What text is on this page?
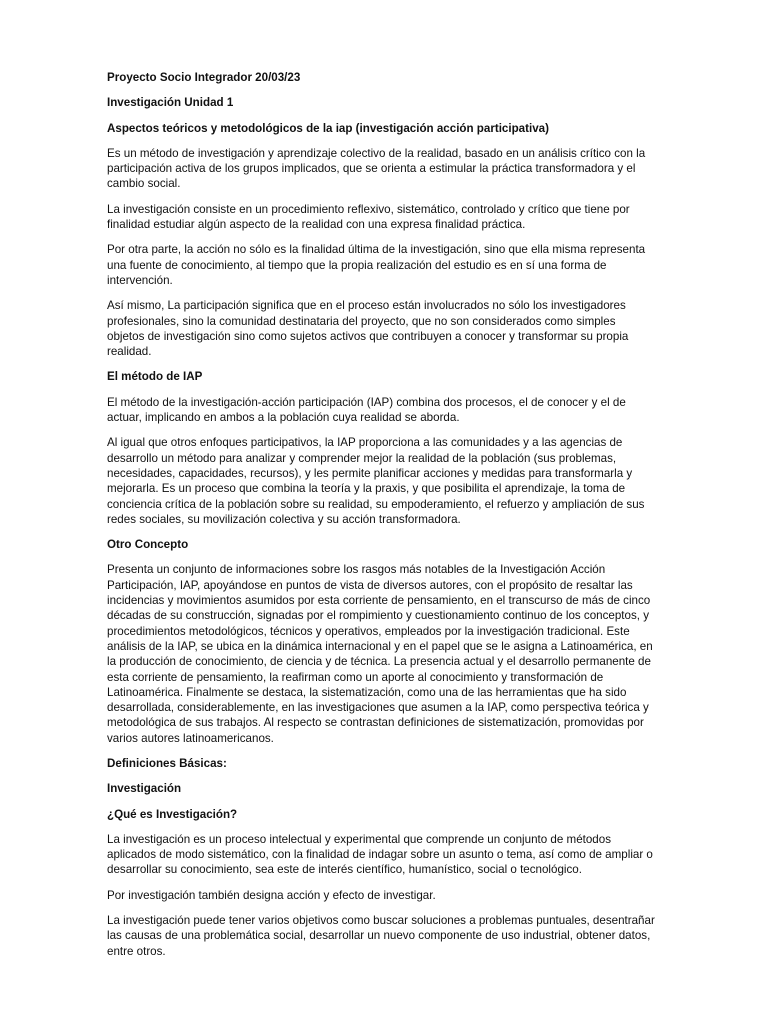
Proyecto Socio Integrador 20/03/23

Investigación Unidad 1

Aspectos teóricos y metodológicos de la iap (investigación acción participativa)

Es un método de investigación y aprendizaje colectivo de la realidad, basado en un análisis crítico con la participación activa de los grupos implicados, que se orienta a estimular la práctica transformadora y el cambio social.

La investigación consiste en un procedimiento reflexivo, sistemático, controlado y crítico que tiene por finalidad estudiar algún aspecto de la realidad con una expresa finalidad práctica.

Por otra parte, la acción no sólo es la finalidad última de la investigación, sino que ella misma representa una fuente de conocimiento, al tiempo que la propia realización del estudio es en sí una forma de intervención.

Así mismo, La participación significa que en el proceso están involucrados no sólo los investigadores profesionales, sino la comunidad destinataria del proyecto, que no son considerados como simples objetos de investigación sino como sujetos activos que contribuyen a conocer y transformar su propia realidad.

El método de IAP

El método de la investigación-acción participación (IAP) combina dos procesos, el de conocer y el de actuar, implicando en ambos a la población cuya realidad se aborda.

Al igual que otros enfoques participativos, la IAP proporciona a las comunidades y a las agencias de desarrollo un método para analizar y comprender mejor la realidad de la población (sus problemas, necesidades, capacidades, recursos), y les permite planificar acciones y medidas para transformarla y mejorarla. Es un proceso que combina la teoría y la praxis, y que posibilita el aprendizaje, la toma de conciencia crítica de la población sobre su realidad, su empoderamiento, el refuerzo y ampliación de sus redes sociales, su movilización colectiva y su acción transformadora.

Otro Concepto

Presenta un conjunto de informaciones sobre los rasgos más notables de la Investigación Acción Participación, IAP, apoyándose en puntos de vista de diversos autores, con el propósito de resaltar las incidencias y movimientos asumidos por esta corriente de pensamiento, en el transcurso de más de cinco décadas de su construcción, signadas por el rompimiento y cuestionamiento continuo de los conceptos, y procedimientos metodológicos, técnicos y operativos, empleados por la investigación tradicional. Este análisis de la IAP, se ubica en la dinámica internacional y en el papel que se le asigna a Latinoamérica, en la producción de conocimiento, de ciencia y de técnica. La presencia actual y el desarrollo permanente de esta corriente de pensamiento, la reafirman como un aporte al conocimiento y transformación de Latinoamérica. Finalmente se destaca, la sistematización, como una de las herramientas que ha sido desarrollada, considerablemente, en las investigaciones que asumen a la IAP, como perspectiva teórica y metodológica de sus trabajos. Al respecto se contrastan definiciones de sistematización, promovidas por varios autores latinoamericanos.

Definiciones Básicas:

Investigación

¿Qué es Investigación?

La investigación es un proceso intelectual y experimental que comprende un conjunto de métodos aplicados de modo sistemático, con la finalidad de indagar sobre un asunto o tema, así como de ampliar o desarrollar su conocimiento, sea este de interés científico, humanístico, social o tecnológico.

Por investigación también designa acción y efecto de investigar.

La investigación puede tener varios objetivos como buscar soluciones a problemas puntuales, desentrañar las causas de una problemática social, desarrollar un nuevo componente de uso industrial, obtener datos, entre otros.
